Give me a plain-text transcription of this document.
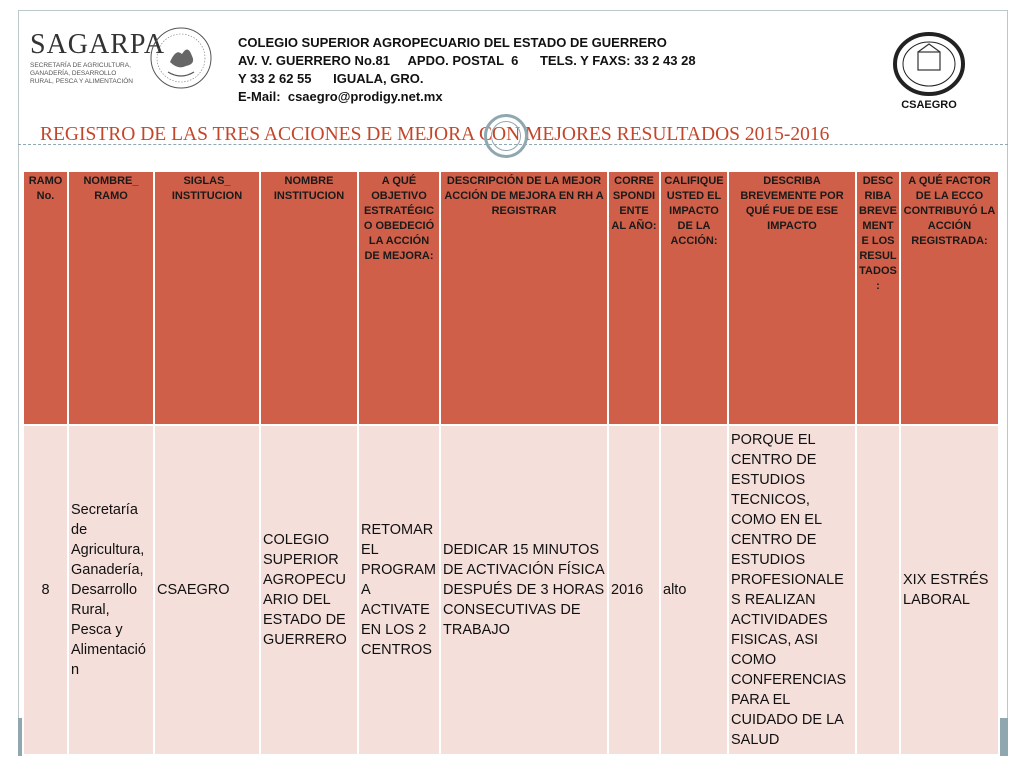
SAGARPA
SECRETARÍA DE AGRICULTURA, GANADERÍA, DESARROLLO RURAL, PESCA Y ALIMENTACIÓN
COLEGIO SUPERIOR AGROPECUARIO DEL ESTADO DE GUERRERO
AV. V. GUERRERO No.81     APDO. POSTAL  6      TELS. Y FAXS: 33 2 43 28
Y 33 2 62 55      IGUALA, GRO.
E-Mail:  csaegro@prodigy.net.mx
CSAEGRO
REGISTRO DE LAS TRES ACCIONES DE MEJORA CON MEJORES RESULTADOS 2015-2016
RAMO No.	NOMBRE_ RAMO	SIGLAS_ INSTITUCION	NOMBRE INSTITUCION	A QUÉ OBJETIVO ESTRATÉGICO OBEDECIÓ LA ACCIÓN DE MEJORA:	DESCRIPCIÓN DE LA MEJOR ACCIÓN DE MEJORA EN RH A REGISTRAR	CORRESPONDIENTE AL AÑO:	CALIFIQUE USTED EL IMPACTO DE LA ACCIÓN:	DESCRIBA BREVEMENTE POR QUÉ FUE DE ESE IMPACTO	DESCRIBA BREVEMENTE LOS RESULTADOS:	A QUÉ FACTOR DE LA ECCO CONTRIBUYÓ LA ACCIÓN REGISTRADA:
8	Secretaría de Agricultura, Ganadería, Desarrollo Rural, Pesca y Alimentación	CSAEGRO	COLEGIO SUPERIOR AGROPECUARIO DEL ESTADO DE GUERRERO	RETOMAR EL PROGRAMA ACTIVATE EN LOS 2 CENTROS	DEDICAR 15 MINUTOS DE ACTIVACIÓN FÍSICA DESPUÉS DE 3 HORAS CONSECUTIVAS DE TRABAJO	2016	alto	PORQUE EL CENTRO DE ESTUDIOS TECNICOS, COMO EN EL CENTRO DE ESTUDIOS PROFESIONALES REALIZAN ACTIVIDADES FISICAS, ASI COMO CONFERENCIAS PARA EL CUIDADO DE LA SALUD		XIX ESTRÉS LABORAL
